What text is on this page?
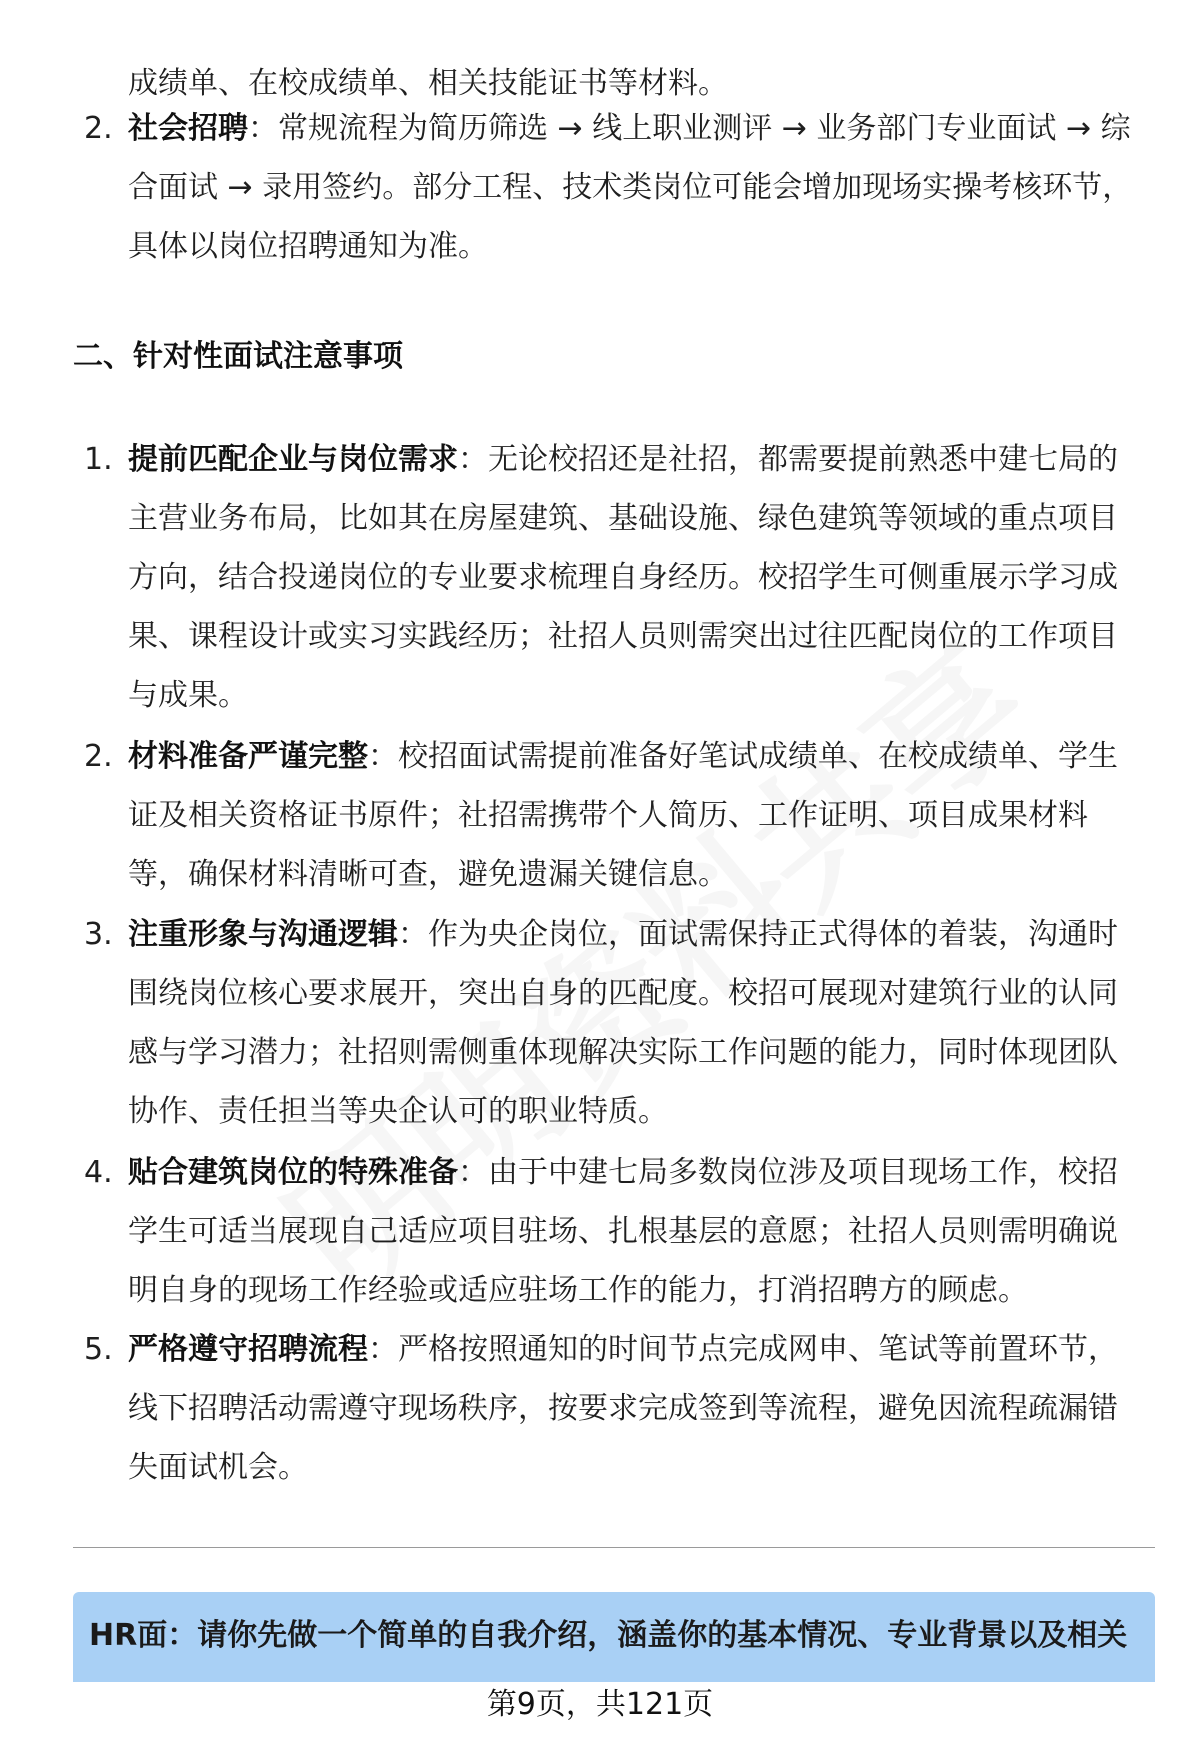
成绩单、在校成绩单、相关技能证书等材料。

2. 社会招聘：常规流程为简历筛选 → 线上职业测评 → 业务部门专业面试 → 综合面试 → 录用签约。部分工程、技术类岗位可能会增加现场实操考核环节，具体以岗位招聘通知为准。
二、针对性面试注意事项
1. 提前匹配企业与岗位需求：无论校招还是社招，都需要提前熟悉中建七局的主营业务布局，比如其在房屋建筑、基础设施、绿色建筑等领域的重点项目方向，结合投递岗位的专业要求梳理自身经历。校招学生可侧重展示学习成果、课程设计或实习实践经历；社招人员则需突出过往匹配岗位的工作项目与成果。
2. 材料准备严谨完整：校招面试需提前准备好笔试成绩单、在校成绩单、学生证及相关资格证书原件；社招需携带个人简历、工作证明、项目成果材料等，确保材料清晰可查，避免遗漏关键信息。
3. 注重形象与沟通逻辑：作为央企岗位，面试需保持正式得体的着装，沟通时围绕岗位核心要求展开，突出自身的匹配度。校招可展现对建筑行业的认同感与学习潜力；社招则需侧重体现解决实际工作问题的能力，同时体现团队协作、责任担当等央企认可的职业特质。
4. 贴合建筑岗位的特殊准备：由于中建七局多数岗位涉及项目现场工作，校招学生可适当展现自己适应项目驻场、扎根基层的意愿；社招人员则需明确说明自身的现场工作经验或适应驻场工作的能力，打消招聘方的顾虑。
5. 严格遵守招聘流程：严格按照通知的时间节点完成网申、笔试等前置环节，线下招聘活动需遵守现场秩序，按要求完成签到等流程，避免因流程疏漏错失面试机会。
HR面：请你先做一个简单的自我介绍，涵盖你的基本情况、专业背景以及相关
第9页，共121页
